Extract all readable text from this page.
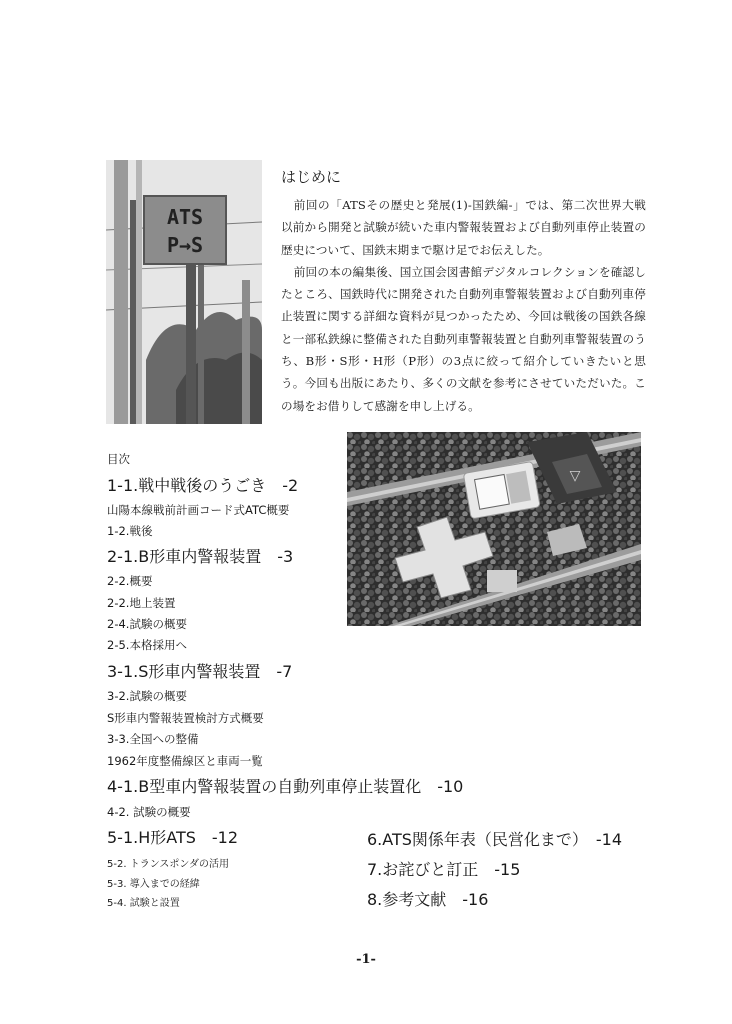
ATS
P→S
はじめに

前回の「ATSその歴史と発展(1)-国鉄編-」では、第二次世界大戦以前から開発と試験が続いた車内警報装置および自動列車停止装置の歴史について、国鉄末期まで駆け足でお伝えした。

前回の本の編集後、国立国会図書館デジタルコレクションを確認したところ、国鉄時代に開発された自動列車警報装置および自動列車停止装置に関する詳細な資料が見つかったため、今回は戦後の国鉄各線と一部私鉄線に整備された自動列車警報装置と自動列車警報装置のうち、B形・S形・H形（P形）の3点に絞って紹介していきたいと思う。今回も出版にあたり、多くの文献を参考にさせていただいた。この場をお借りして感謝を申し上げる。

▽
目次
1-1.戦中戦後のうごき　-2
山陽本線戦前計画コード式ATC概要
1-2.戦後
2-1.B形車内警報装置　-3
2-2.概要
2-2.地上装置
2-4.試験の概要
2-5.本格採用へ
3-1.S形車内警報装置　-7
3-2.試験の概要
S形車内警報装置検討方式概要
3-3.全国への整備
1962年度整備線区と車両一覧
4-1.B型車内警報装置の自動列車停止装置化　-10
4-2. 試験の概要
5-1.H形ATS　-12
5-2. トランスポンダの活用
5-3. 導入までの経緯
5-4. 試験と設置
6.ATS関係年表（民営化まで）　-14
7.お詫びと訂正　-15
8.参考文献　-16
-1-
